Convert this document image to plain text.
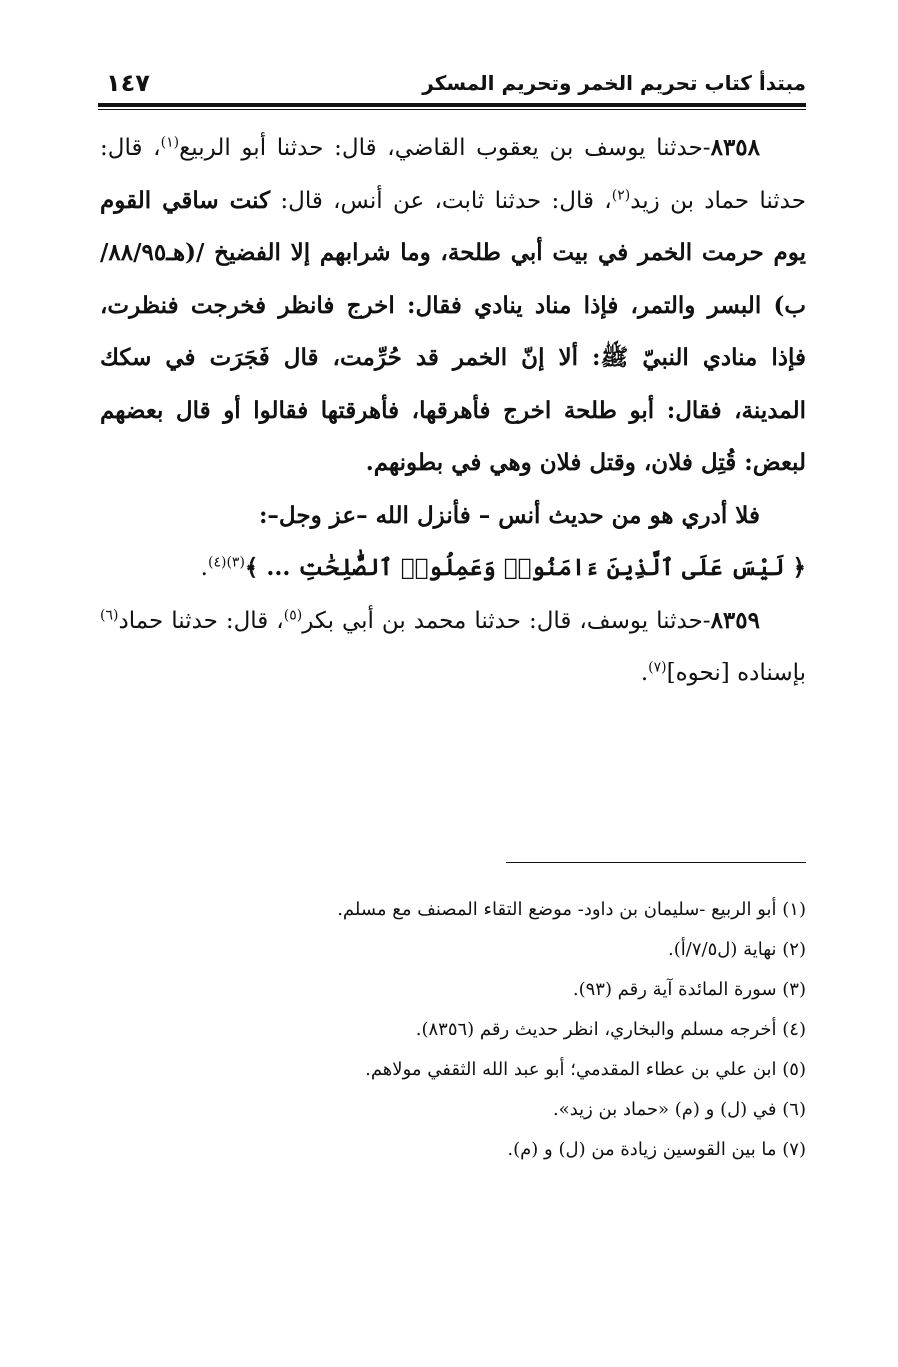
مبتدأ كتاب تحريم الخمر وتحريم المسكر
١٤٧

٨٣٥٨-حدثنا يوسف بن يعقوب القاضي، قال: حدثنا أبو الربيع$^{(١)}$، قال: حدثنا حماد بن زيد$^{(٢)}$، قال: حدثنا ثابت، عن أنس، قال: كنت ساقي القوم يوم حرمت الخمر في بيت أبي طلحة، وما شرابهم إلا الفضيخ /(هـ٨٨/٩٥/ب) البسر والتمر، فإذا مناد ينادي فقال: اخرج فانظر فخرجت فنظرت، فإذا منادي النبيّ ﷺ: ألا إنّ الخمر قد حُرِّمت، قال فَجَرَت في سكك المدينة، فقال: أبو طلحة اخرج فأهرقها، فأهرقتها فقالوا أو قال بعضهم لبعض: قُتِل فلان، وقتل فلان وهي في بطونهم.

فلا أدري هو من حديث أنس – فأنزل الله –عز وجل–:

﴿ لَيْسَ عَلَى ٱلَّذِينَ ءَامَنُوا۟ وَعَمِلُوا۟ ٱلصَّٰلِحَٰتِ ... ﴾$^{(٣)(٤)}$.

٨٣٥٩-حدثنا يوسف، قال: حدثنا محمد بن أبي بكر$^{(٥)}$، قال: حدثنا حماد$^{(٦)}$ بإسناده [نحوه]$^{(٧)}$.

(١) أبو الربيع -سليمان بن داود- موضع التقاء المصنف مع مسلم.
(٢) نهاية (ل٧/٥/أ).
(٣) سورة المائدة آية رقم (٩٣).
(٤) أخرجه مسلم والبخاري، انظر حديث رقم (٨٣٥٦).
(٥) ابن علي بن عطاء المقدمي؛ أبو عبد الله الثقفي مولاهم.
(٦) في (ل) و (م) «حماد بن زيد».
(٧) ما بين القوسين زيادة من (ل) و (م).
